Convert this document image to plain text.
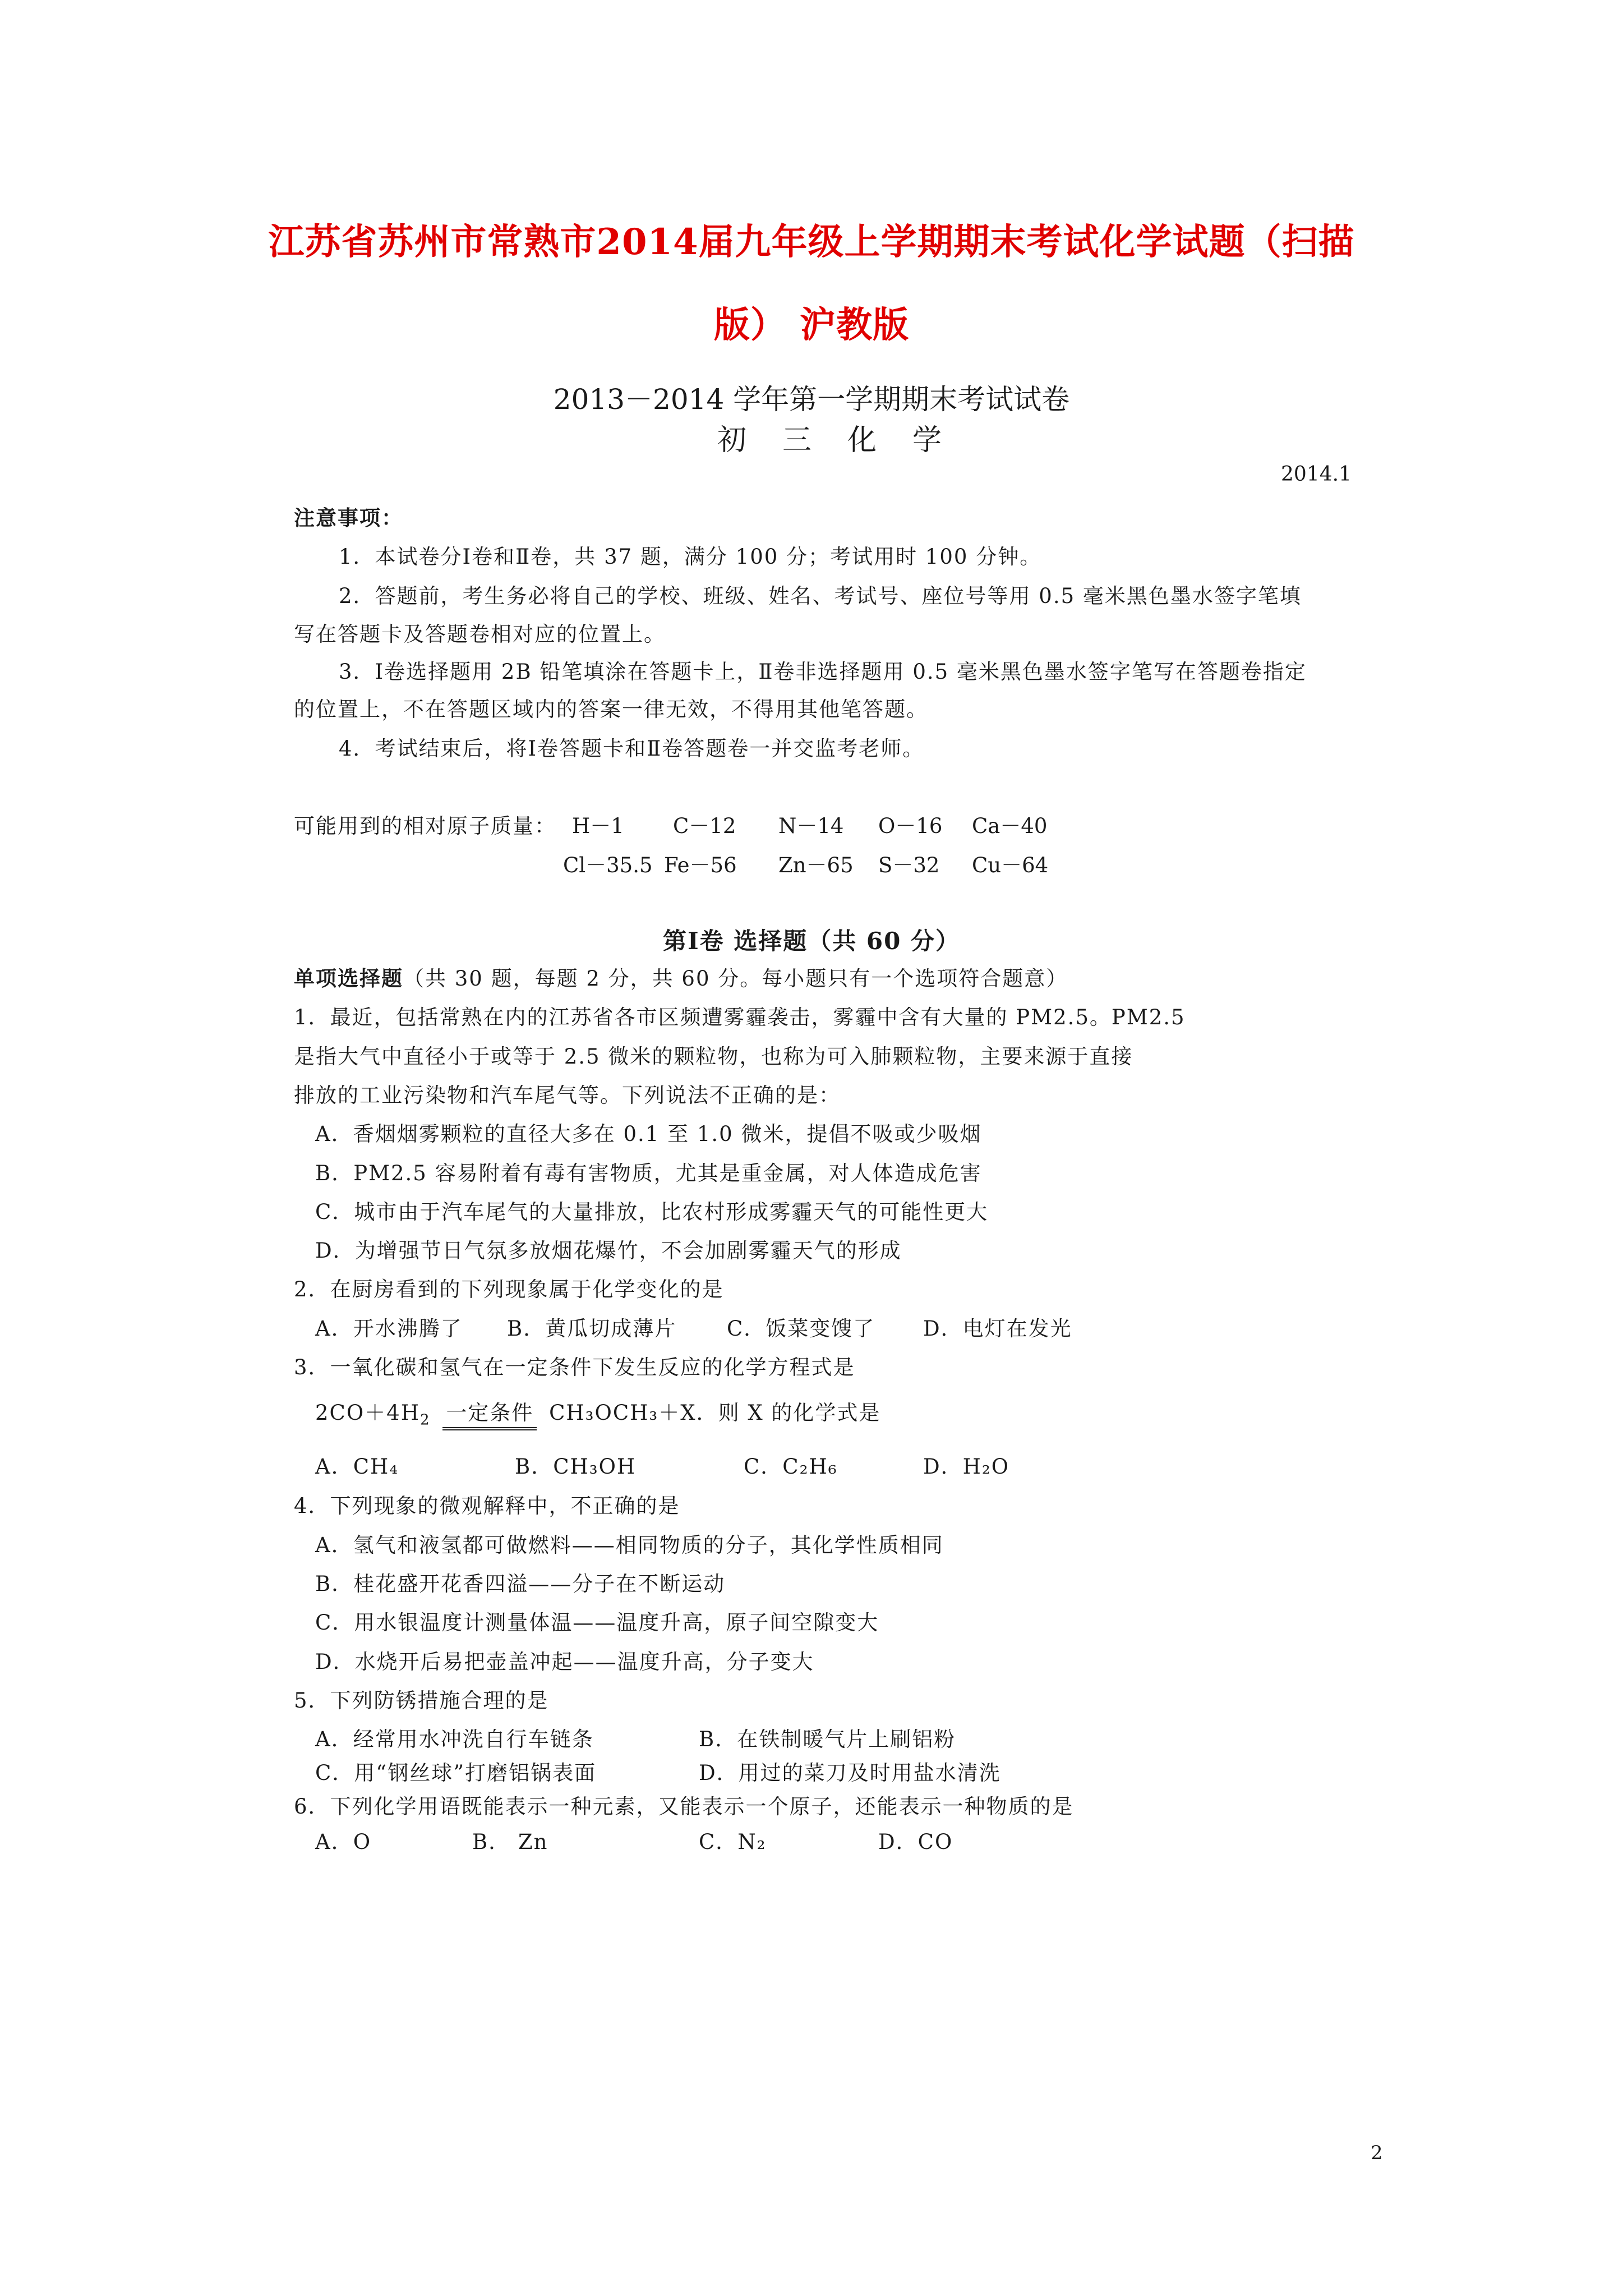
江苏省苏州市常熟市2014届九年级上学期期末考试化学试题（扫描
版） 沪教版
2013－2014 学年第一学期期末考试试卷
初三化学
2014.1
注意事项：
1．本试卷分Ⅰ卷和Ⅱ卷，共 37 题，满分 100 分；考试用时 100 分钟。
2．答题前，考生务必将自己的学校、班级、姓名、考试号、座位号等用 0.5 毫米黑色墨水签字笔填
写在答题卡及答题卷相对应的位置上。
3．Ⅰ卷选择题用 2B 铅笔填涂在答题卡上，Ⅱ卷非选择题用 0.5 毫米黑色墨水签字笔写在答题卷指定
的位置上，不在答题区域内的答案一律无效，不得用其他笔答题。
4．考试结束后，将Ⅰ卷答题卡和Ⅱ卷答题卷一并交监考老师。
可能用到的相对原子质量： H－1 C－12 N－14 O－16 Ca－40
Cl－35.5 Fe－56 Zn－65 S－32 Cu－64
第Ⅰ卷 选择题（共 60 分）
单项选择题（共 30 题，每题 2 分，共 60 分。每小题只有一个选项符合题意）
1．最近，包括常熟在内的江苏省各市区频遭雾霾袭击，雾霾中含有大量的 PM2.5。PM2.5
是指大气中直径小于或等于 2.5 微米的颗粒物，也称为可入肺颗粒物，主要来源于直接
排放的工业污染物和汽车尾气等。下列说法不正确的是：
A．香烟烟雾颗粒的直径大多在 0.1 至 1.0 微米，提倡不吸或少吸烟
B．PM2.5 容易附着有毒有害物质，尤其是重金属，对人体造成危害
C．城市由于汽车尾气的大量排放，比农村形成雾霾天气的可能性更大
D．为增强节日气氛多放烟花爆竹，不会加剧雾霾天气的形成
2．在厨房看到的下列现象属于化学变化的是
A．开水沸腾了 B．黄瓜切成薄片 C．饭菜变馊了 D．电灯在发光
3．一氧化碳和氢气在一定条件下发生反应的化学方程式是
$2CO+4H_2$ 一定条件 CH₃OCH₃＋X．则 X 的化学式是
A．CH₄	B．CH₃OH	C．C₂H₆	D．H₂O
4．下列现象的微观解释中，不正确的是
A．氢气和液氢都可做燃料——相同物质的分子，其化学性质相同
B．桂花盛开花香四溢——分子在不断运动
C．用水银温度计测量体温——温度升高，原子间空隙变大
D．水烧开后易把壶盖冲起——温度升高，分子变大
5．下列防锈措施合理的是
A．经常用水冲洗自行车链条	B．在铁制暖气片上刷铝粉
C．用“钢丝球”打磨铝锅表面	D．用过的菜刀及时用盐水清洗
6．下列化学用语既能表示一种元素，又能表示一个原子，还能表示一种物质的是
A．O	B． Zn	C．N₂	D．CO
2
